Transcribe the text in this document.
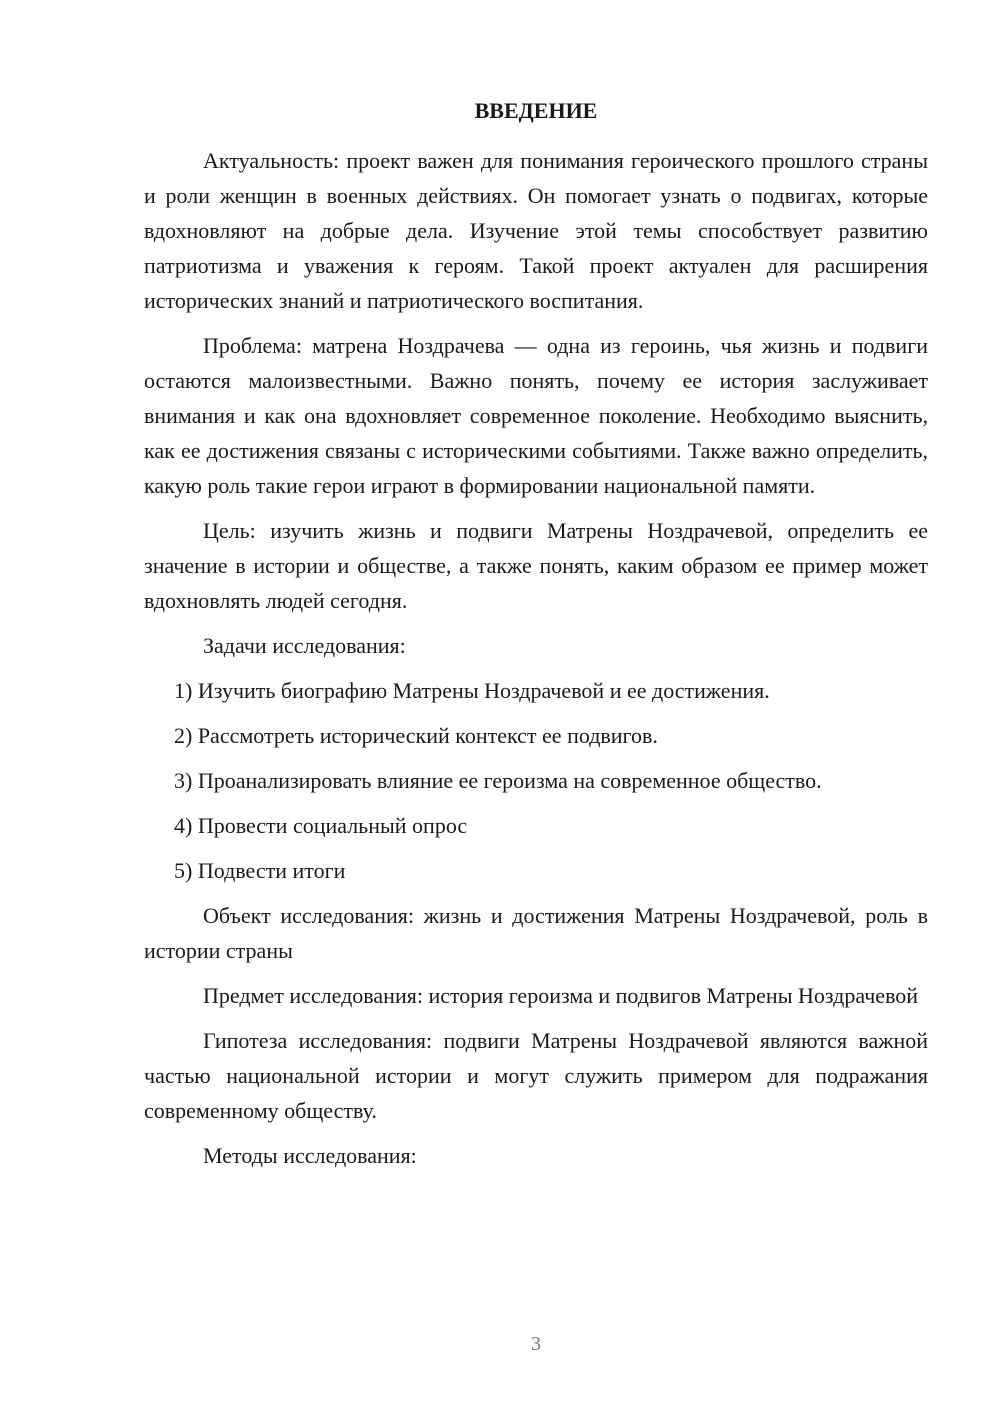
ВВЕДЕНИЕ

Актуальность: проект важен для понимания героического прошлого страны и роли женщин в военных действиях. Он помогает узнать о подвигах, которые вдохновляют на добрые дела. Изучение этой темы способствует развитию патриотизма и уважения к героям. Такой проект актуален для расширения исторических знаний и патриотического воспитания.

Проблема: матрена Ноздрачева — одна из героинь, чья жизнь и подвиги остаются малоизвестными. Важно понять, почему ее история заслуживает внимания и как она вдохновляет современное поколение. Необходимо выяснить, как ее достижения связаны с историческими событиями. Также важно определить, какую роль такие герои играют в формировании национальной памяти.

Цель: изучить жизнь и подвиги Матрены Ноздрачевой, определить ее значение в истории и обществе, а также понять, каким образом ее пример может вдохновлять людей сегодня.

Задачи исследования:

1) Изучить биографию Матрены Ноздрачевой и ее достижения.

2) Рассмотреть исторический контекст ее подвигов.

3) Проанализировать влияние ее героизма на современное общество.

4) Провести социальный опрос

5) Подвести итоги

Объект исследования: жизнь и достижения Матрены Ноздрачевой, роль в истории страны

Предмет исследования: история героизма и подвигов Матрены Ноздрачевой

Гипотеза исследования: подвиги Матрены Ноздрачевой являются важной частью национальной истории и могут служить примером для подражания современному обществу.

Методы исследования:

3
